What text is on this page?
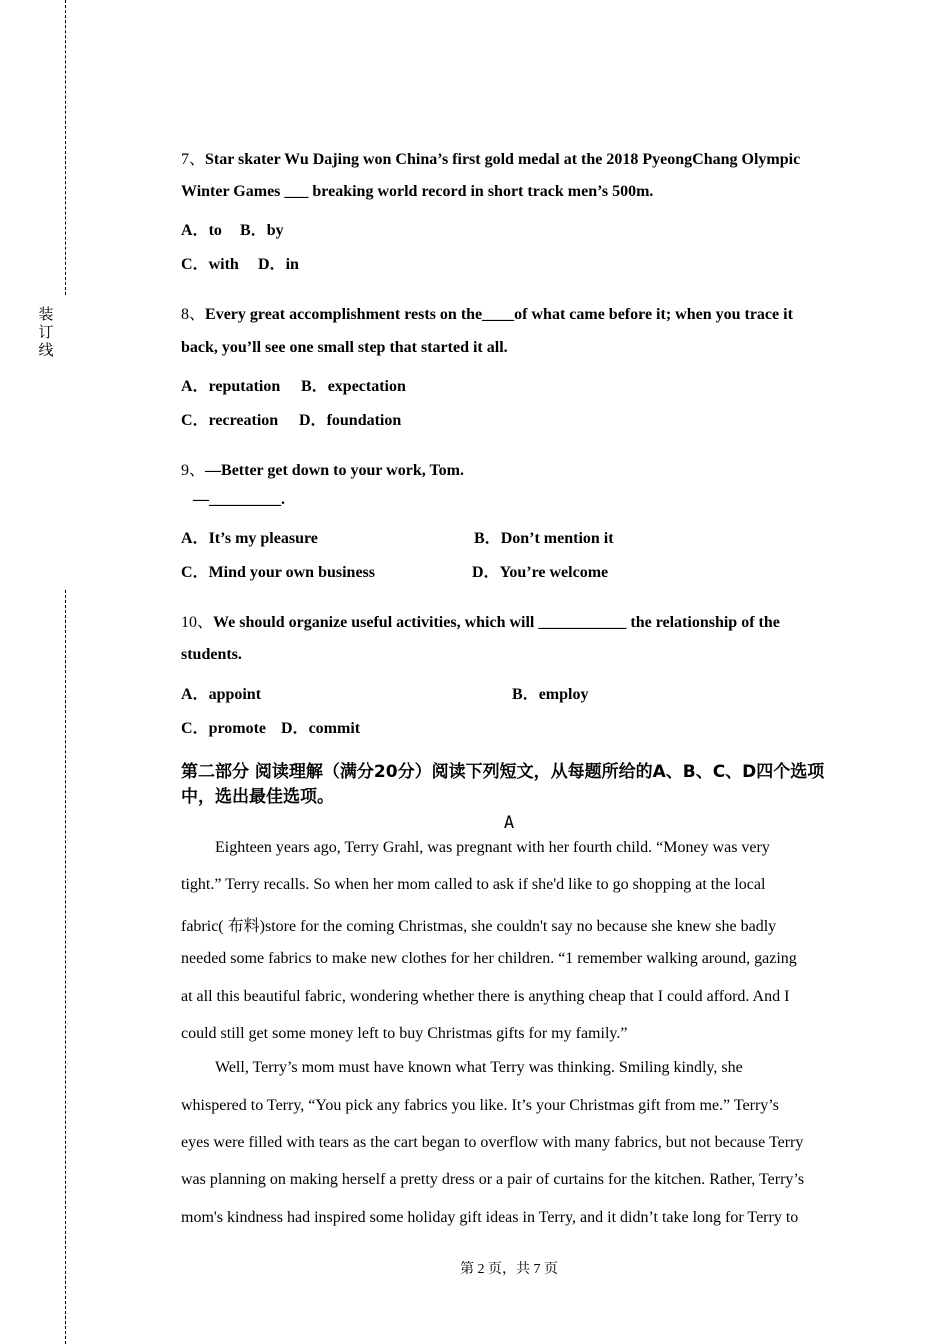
装
订
线
7、Star skater Wu Dajing won China’s first gold medal at the 2018 PyeongChang Olympic
Winter Games ___ breaking world record in short track men’s 500m.
A．to B．by
C．with D．in
8、Every great accomplishment rests on the____of what came before it; when you trace it
back, you’ll see one small step that started it all.
A．reputation B．expectation
C．recreation D．foundation
9、—Better get down to your work, Tom.
—_________.
A．It’s my pleasure	B．Don’t mention it
C．Mind your own business	D．You’re welcome
10、We should organize useful activities, which will ___________ the relationship of the
students.
A．appoint	B．employ
C．promote D．commit
第二部分 阅读理解（满分20分）阅读下列短文，从每题所给的A、B、C、D四个选项中，选出最佳选项。
A
Eighteen years ago, Terry Grahl, was pregnant with her fourth child. “Money was very
tight.” Terry recalls. So when her mom called to ask if she'd like to go shopping at the local
fabric( 布料)store for the coming Christmas, she couldn't say no because she knew she badly
needed some fabrics to make new clothes for her children. “1 remember walking around, gazing
at all this beautiful fabric, wondering whether there is anything cheap that I could afford. And I
could still get some money left to buy Christmas gifts for my family.”
Well, Terry’s mom must have known what Terry was thinking. Smiling kindly, she
whispered to Terry, “You pick any fabrics you like. It’s your Christmas gift from me.” Terry’s
eyes were filled with tears as the cart began to overflow with many fabrics, but not because Terry
was planning on making herself a pretty dress or a pair of curtains for the kitchen. Rather, Terry’s
mom's kindness had inspired some holiday gift ideas in Terry, and it didn’t take long for Terry to
第 2 页，共 7 页
